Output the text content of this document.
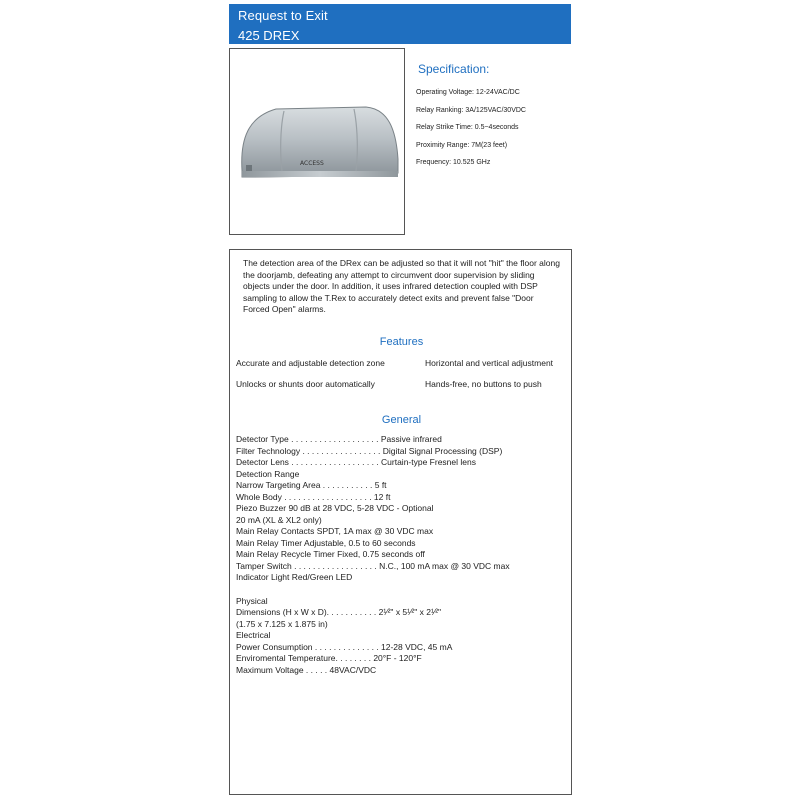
Request to Exit
425 DREX
ACCESS
Specification:
Operating Voltage: 12-24VAC/DC
Relay Ranking: 3A/125VAC/30VDC
Relay Strike Time: 0.5~4seconds
Proximity Range: 7M(23 feet)
Frequency: 10.525 GHz
The detection area of the DRex can be adjusted so that it will not "hit" the floor along the doorjamb, defeating any attempt to circumvent door supervision by sliding objects under the door. In addition, it uses infrared detection coupled with DSP sampling to allow the T.Rex to accurately detect exits and prevent false "Door Forced Open" alarms.
Features
Accurate and adjustable detection zone	Horizontal and vertical adjustment
Unlocks or shunts door automatically	Hands-free, no buttons to push
General
Detector Type . . . . . . . . . . . . . . . . . . . Passive infrared
Filter Technology . . . . . . . . . . . . . . . . . Digital Signal Processing (DSP)
Detector Lens . . . . . . . . . . . . . . . . . . . Curtain-type Fresnel lens
Detection Range
Narrow Targeting Area . . . . . . . . . . . 5 ft
Whole Body . . . . . . . . . . . . . . . . . . . 12 ft
Piezo Buzzer 90 dB at 28 VDC, 5-28 VDC - Optional
20 mA (XL & XL2 only)
Main Relay Contacts SPDT, 1A max @ 30 VDC max
Main Relay Timer Adjustable, 0.5 to 60 seconds
Main Relay Recycle Timer Fixed, 0.75 seconds off
Tamper Switch . . . . . . . . . . . . . . . . . . N.C., 100 mA max @ 30 VDC max
Indicator Light Red/Green LED
Physical
Dimensions (H x W x D). . . . . . . . . . . 2¹⁄²" x 5¹⁄²" x 2¹⁄²"
(1.75 x 7.125 x 1.875 in)
Electrical
Power Consumption . . . . . . . . . . . . . . 12-28 VDC, 45 mA
Enviromental Temperature. . . . . . . . 20°F - 120°F
Maximum Voltage . . . . . 48VAC/VDC
